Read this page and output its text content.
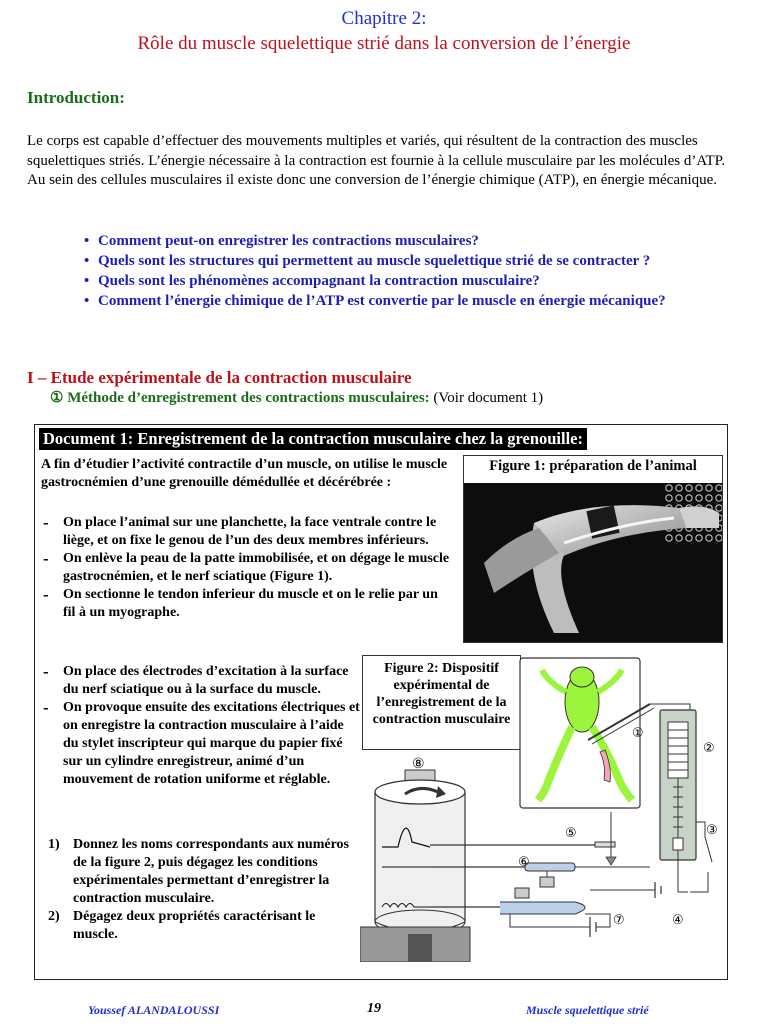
Chapitre 2:
Rôle du muscle squelettique strié dans la conversion de l’énergie
Introduction:
Le corps est capable d’effectuer des mouvements multiples et variés, qui résultent de la contraction des muscles squelettiques striés. L’énergie nécessaire à la contraction est fournie à la cellule musculaire par les molécules d’ATP. Au sein des cellules musculaires il existe donc une conversion de l’énergie chimique (ATP), en énergie mécanique.
• Comment peut-on enregistrer les contractions musculaires?
• Quels sont les structures qui permettent au muscle squelettique strié de se contracter ?
• Quels sont les phénomènes accompagnant la contraction musculaire?
• Comment l’énergie chimique de l’ATP est convertie par le muscle en énergie mécanique?
I – Etude expérimentale de la contraction musculaire
① Méthode d’enregistrement des contractions musculaires: (Voir document 1)
Document 1: Enregistrement de la contraction musculaire chez la grenouille:
A fin d’étudier l’activité contractile d’un muscle, on utilise le muscle gastrocnémien d’une grenouille démédullée et décérébrée :
- On place l’animal sur une planchette, la face ventrale contre le liège, et on fixe le genou de l’un des deux membres inférieurs.
- On enlève la peau de la patte immobilisée, et on dégage le muscle gastrocnémien, et le nerf sciatique (Figure 1).
- On sectionne le tendon inferieur du muscle et on le relie par un fil à un myographe.
- On place des électrodes d’excitation à la surface du nerf sciatique ou à la surface du muscle.
- On provoque ensuite des excitations électriques et on enregistre la contraction musculaire à l’aide du stylet inscripteur qui marque du papier fixé sur un cylindre enregistreur, animé d’un mouvement de rotation uniforme et réglable.
1) Donnez les noms correspondants aux numéros de la figure 2, puis dégagez les conditions expérimentales permettant d’enregistrer la contraction musculaire.
2) Dégagez deux propriétés caractérisant le muscle.
Figure 1: préparation de l’animal
Figure 2: Dispositif expérimental de l’enregistrement de la contraction musculaire
①
②
③
④
⑤
⑥
⑦
⑧
Youssef ALANDALOUSSI	19	Muscle squelettique strié
